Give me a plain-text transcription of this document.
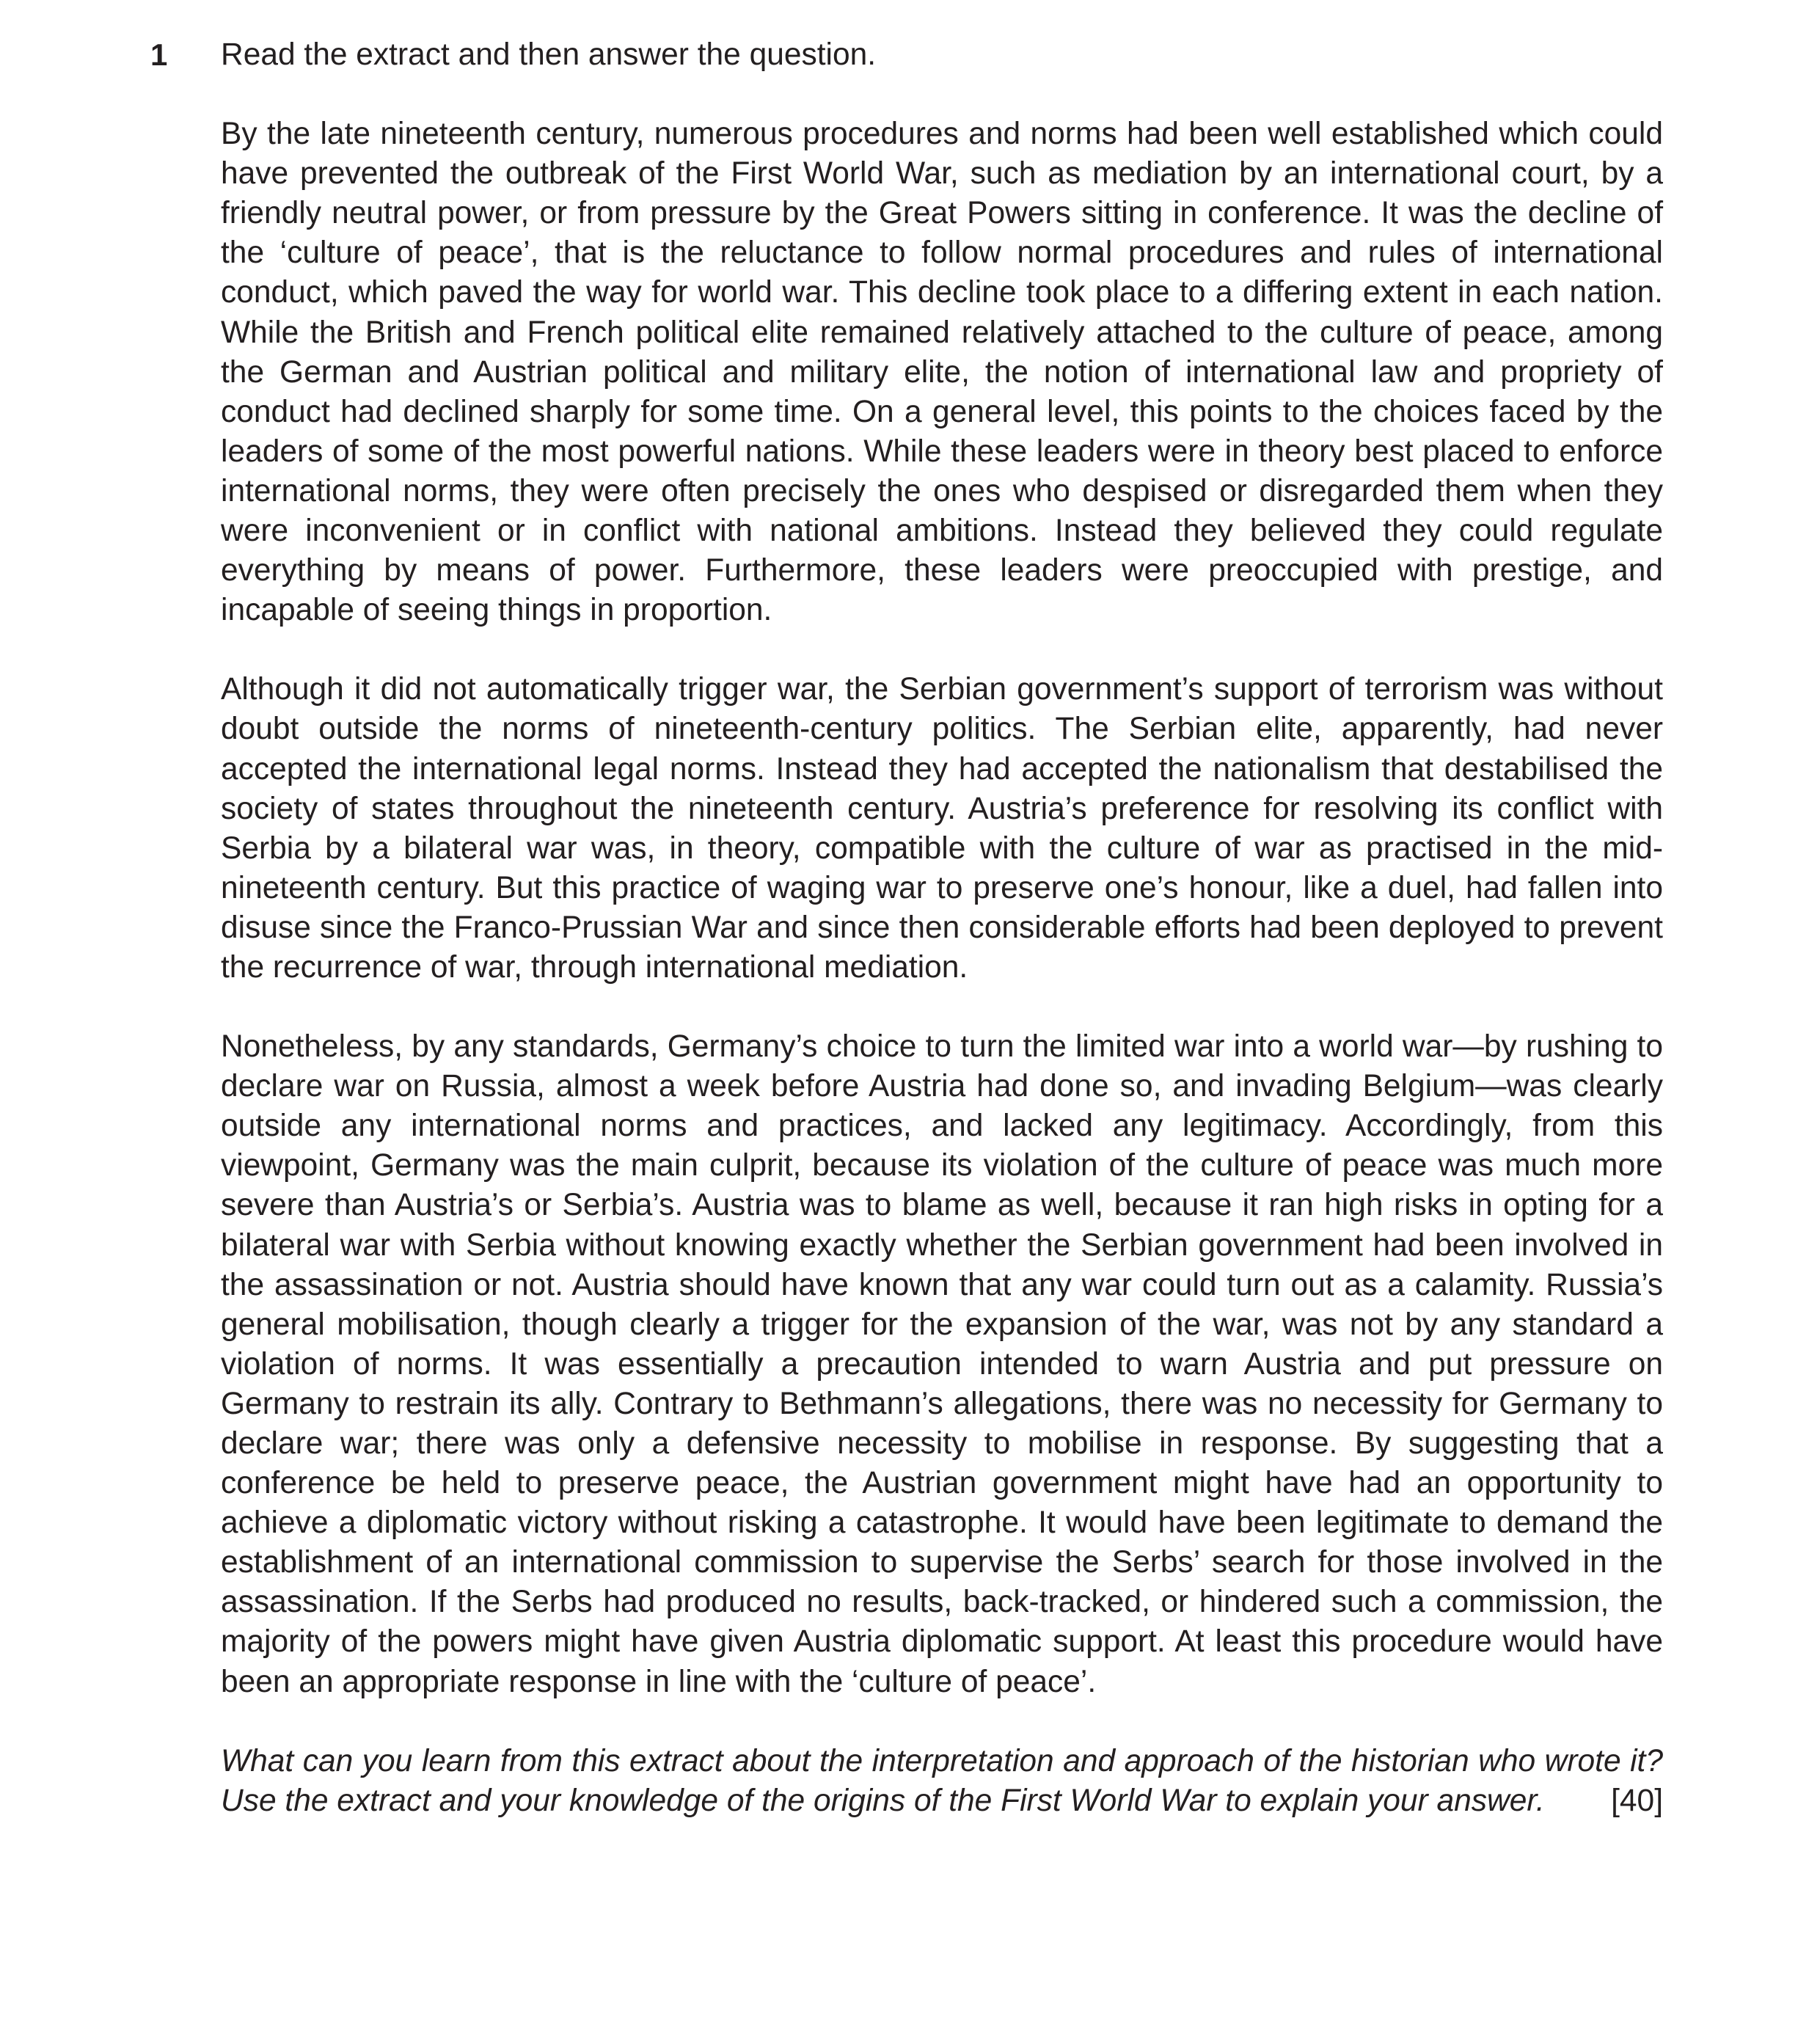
1 Read the extract and then answer the question.

By the late nineteenth century, numerous procedures and norms had been well established which could have prevented the outbreak of the First World War, such as mediation by an international court, by a friendly neutral power, or from pressure by the Great Powers sitting in conference. It was the decline of the ‘culture of peace’, that is the reluctance to follow normal procedures and rules of international conduct, which paved the way for world war. This decline took place to a differing extent in each nation. While the British and French political elite remained relatively attached to the culture of peace, among the German and Austrian political and military elite, the notion of international law and propriety of conduct had declined sharply for some time. On a general level, this points to the choices faced by the leaders of some of the most powerful nations. While these leaders were in theory best placed to enforce international norms, they were often precisely the ones who despised or disregarded them when they were inconvenient or in conflict with national ambitions. Instead they believed they could regulate everything by means of power. Furthermore, these leaders were preoccupied with prestige, and incapable of seeing things in proportion.

Although it did not automatically trigger war, the Serbian government’s support of terrorism was without doubt outside the norms of nineteenth-century politics. The Serbian elite, apparently, had never accepted the international legal norms. Instead they had accepted the nationalism that destabilised the society of states throughout the nineteenth century. Austria’s preference for resolving its conflict with Serbia by a bilateral war was, in theory, compatible with the culture of war as practised in the mid-nineteenth century. But this practice of waging war to preserve one’s honour, like a duel, had fallen into disuse since the Franco-Prussian War and since then considerable efforts had been deployed to prevent the recurrence of war, through international mediation.

Nonetheless, by any standards, Germany’s choice to turn the limited war into a world war—by rushing to declare war on Russia, almost a week before Austria had done so, and invading Belgium—was clearly outside any international norms and practices, and lacked any legitimacy. Accordingly, from this viewpoint, Germany was the main culprit, because its violation of the culture of peace was much more severe than Austria’s or Serbia’s. Austria was to blame as well, because it ran high risks in opting for a bilateral war with Serbia without knowing exactly whether the Serbian government had been involved in the assassination or not. Austria should have known that any war could turn out as a calamity. Russia’s general mobilisation, though clearly a trigger for the expansion of the war, was not by any standard a violation of norms. It was essentially a precaution intended to warn Austria and put pressure on Germany to restrain its ally. Contrary to Bethmann’s allegations, there was no necessity for Germany to declare war; there was only a defensive necessity to mobilise in response. By suggesting that a conference be held to preserve peace, the Austrian government might have had an opportunity to achieve a diplomatic victory without risking a catastrophe. It would have been legitimate to demand the establishment of an international commission to supervise the Serbs’ search for those involved in the assassination. If the Serbs had produced no results, back-tracked, or hindered such a commission, the majority of the powers might have given Austria diplomatic support. At least this procedure would have been an appropriate response in line with the ‘culture of peace’.

What can you learn from this extract about the interpretation and approach of the historian who wrote it? Use the extract and your knowledge of the origins of the First World War to explain your answer. [40]
